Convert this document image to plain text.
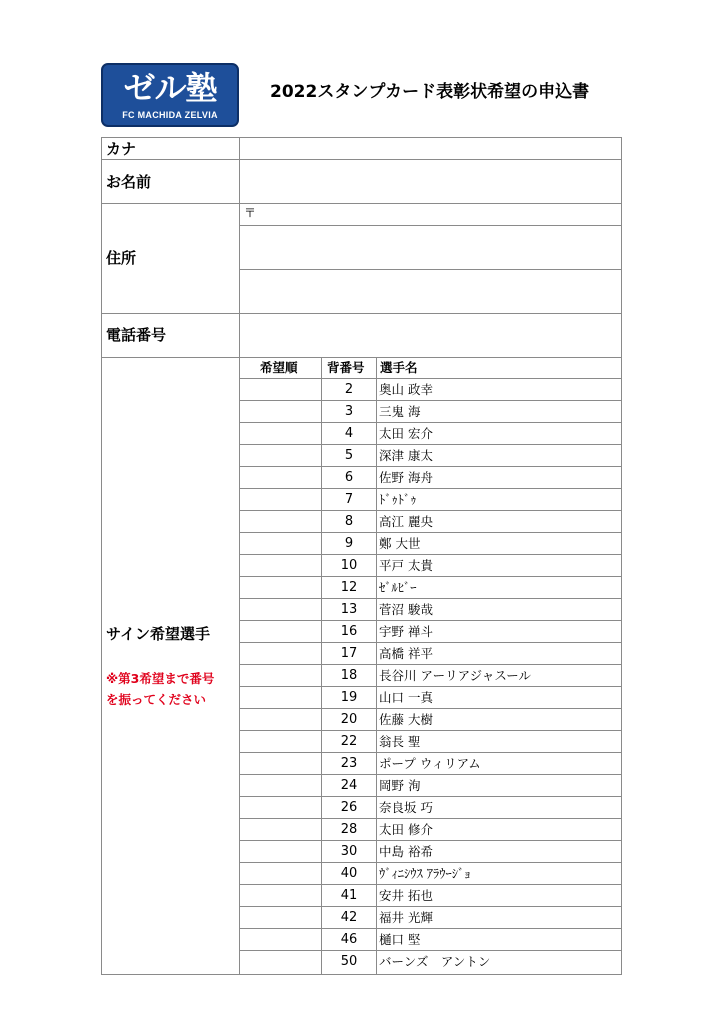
ゼル塾
FC MACHIDA ZELVIA
2022スタンプカード表彰状希望の申込書
カナ
お名前
住所
〒
電話番号
サイン希望選手
※第3希望まで番号
を振ってください
希望順 背番号 選手名
2	奥山 政幸
3	三鬼 海
4	太田 宏介
5	深津 康太
6	佐野 海舟
7	ﾄﾞｩﾄﾞｩ
8	高江 麗央
9	鄭 大世
10	平戸 太貴
12	ｾﾞﾙﾋﾞｰ
13	菅沼 駿哉
16	宇野 禅斗
17	高橋 祥平
18	長谷川 アーリアジャスール
19	山口 一真
20	佐藤 大樹
22	翁長 聖
23	ポープ ウィリアム
24	岡野 洵
26	奈良坂 巧
28	太田 修介
30	中島 裕希
40	ｳﾞｨﾆｼｳｽ ｱﾗｳｰｼﾞｮ
41	安井 拓也
42	福井 光輝
46	樋口 堅
50	バーンズ　アントン
